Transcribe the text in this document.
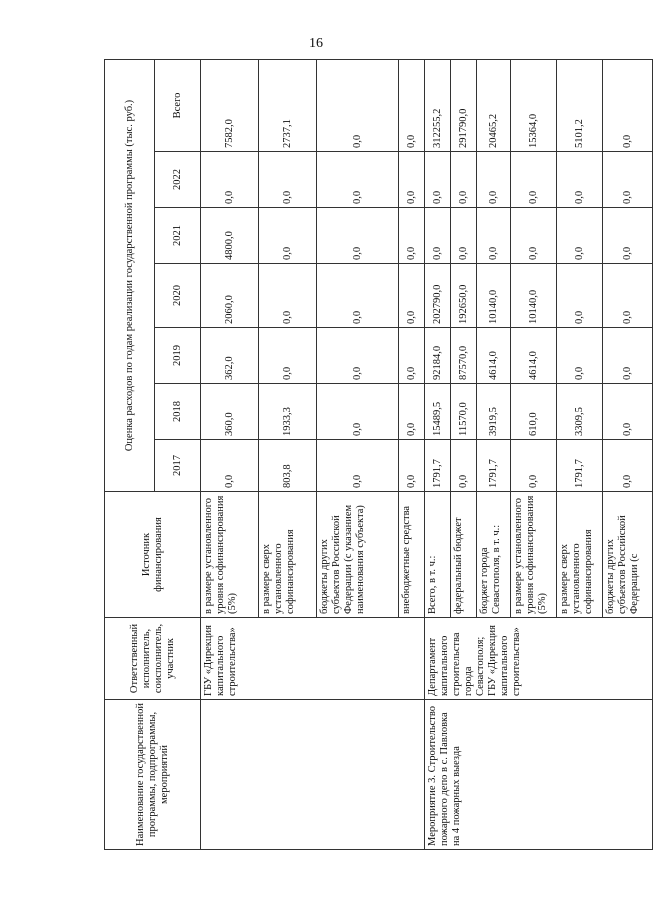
16
Наименование государственной программы, подпрограммы, мероприятий	Ответственный исполнитель, соисполнитель, участник	Источник финансирования	Оценка расходов по годам реализации государственной программы (тыс. руб.)						
			2017	2018	2019	2020	2021	2022	Всего
	ГБУ «Дирекция капитального строительства»	в размере установленного уровня софинансирования (5%)	0,0	360,0	362,0	2060,0	4800,0	0,0	7582,0
		в размере сверх установленного софинансирования	803,8	1933,3	0,0	0,0	0,0	0,0	2737,1
		бюджеты других субъектов Российской Федерации (с указанием наименования субъекта)	0,0	0,0	0,0	0,0	0,0	0,0	0,0
		внебюджетные средства	0,0	0,0	0,0	0,0	0,0	0,0	0,0
Мероприятие 3. Строительство пожарного депо в с. Павловка на 4 пожарных выезда	Департамент капитального строительства города Севастополя; ГБУ «Дирекция капитального строительства»	Всего, в т. ч.:	1791,7	15489,5	92184,0	202790,0	0,0	0,0	312255,2
		федеральный бюджет	0,0	11570,0	87570,0	192650,0	0,0	0,0	291790,0
		бюджет города Севастополя, в т. ч.:	1791,7	3919,5	4614,0	10140,0	0,0	0,0	20465,2
		в размере установленного уровня софинансирования (5%)	0,0	610,0	4614,0	10140,0	0,0	0,0	15364,0
		в размере сверх установленного софинансирования	1791,7	3309,5	0,0	0,0	0,0	0,0	5101,2
		бюджеты других субъектов Российской Федерации (с	0,0	0,0	0,0	0,0	0,0	0,0	0,0
